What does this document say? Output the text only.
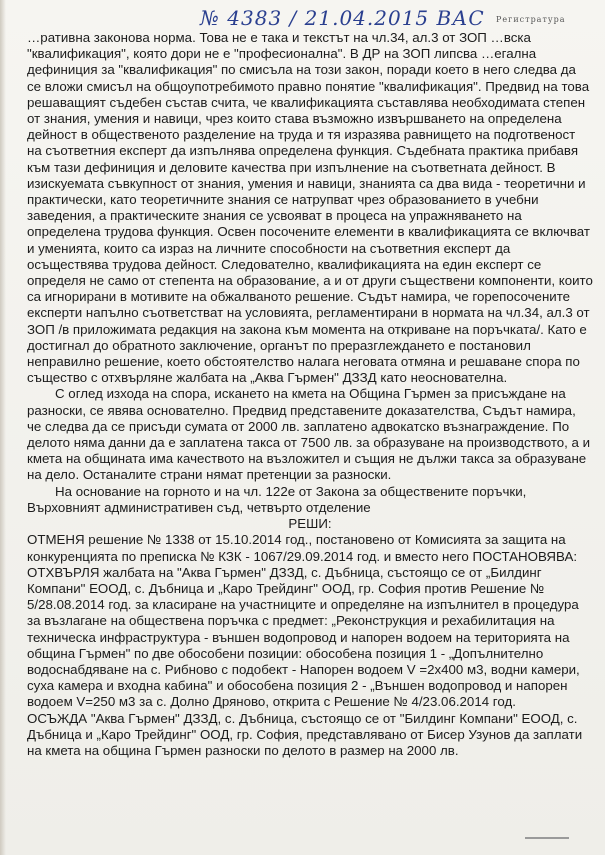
№ 4383 / 21.04.2015 ВАС Регистратура

…ративна законова норма. Това не е така и текстът на чл.34, ал.3 от ЗОП …вска "квалификация", която дори не е "професионална". В ДР на ЗОП липсва …егална дефиниция за "квалификация" по смисъла на този закон, поради което в него следва да се вложи смисъл на общоупотребимото правно понятие "квалификация". Предвид на това решаващият съдебен състав счита, че квалификацията съставлява необходимата степен от знания, умения и навици, чрез които става възможно извършването на определена дейност в общественото разделение на труда и тя изразява равнището на подготвеност на съответния експерт да изпълнява определена функция. Съдебната практика прибавя към тази дефиниция и деловите качества при изпълнение на съответната дейност. В изискуемата съвкупност от знания, умения и навици, знанията са два вида - теоретични и практически, като теоретичните знания се натрупват чрез образованието в учебни заведения, а практическите знания се усвояват в процеса на упражняването на определена трудова функция. Освен посочените елементи в квалификацията се включват и уменията, които са израз на личните способности на съответния експерт да осъществява трудова дейност. Следователно, квалификацията на един експерт се определя не само от степента на образование, а и от други съществени компоненти, които са игнорирани в мотивите на обжалваното решение. Съдът намира, че горепосочените експерти напълно съответстват на условията, регламентирани в нормата на чл.34, ал.3 от ЗОП /в приложимата редакция на закона към момента на откриване на поръчката/. Като е достигнал до обратното заключение, органът по преразглеждането е постановил неправилно решение, което обстоятелство налага неговата отмяна и решаване спора по същество с отхвърляне жалбата на „Аква Гърмен" ДЗЗД като неоснователна.

С оглед изхода на спора, искането на кмета на Община Гърмен за присъждане на разноски, се явява основателно. Предвид представените доказателства, Съдът намира, че следва да се присъди сумата от 2000 лв. заплатено адвокатско възнаграждение. По делото няма данни да е заплатена такса от 7500 лв. за образуване на производството, а и кмета на общината има качеството на възложител и същия не дължи такса за образуване на дело. Останалите страни нямат претенции за разноски.

На основание на горното и на чл. 122е от Закона за обществените поръчки, Върховният административен съд, четвърто отделение

РЕШИ:

ОТМЕНЯ решение № 1338 от 15.10.2014 год., постановено от Комисията за защита на конкуренцията по преписка № КЗК - 1067/29.09.2014 год. и вместо него ПОСТАНОВЯВА:

ОТХВЪРЛЯ жалбата на "Аква Гърмен" ДЗЗД, с. Дъбница, състоящо се от „Билдинг Компани" ЕООД, с. Дъбница и „Каро Трейдинг" ООД, гр. София против Решение № 5/28.08.2014 год. за класиране на участниците и определяне на изпълнител в процедура за възлагане на обществена поръчка с предмет: „Реконструкция и рехабилитация на техническа инфраструктура - външен водопровод и напорен водоем на територията на община Гърмен" по две обособени позиции: обособена позиция 1 - „Допълнително водоснабдяване на с. Рибново с подобект - Напорен водоем V =2х400 м3, водни камери, суха камера и входна кабина" и обособена позиция 2 - „Външен водопровод и напорен водоем V=250 м3 за с. Долно Дряново, открита с Решение № 4/23.06.2014 год.

ОСЪЖДА "Аква Гърмен" ДЗЗД, с. Дъбница, състоящо се от "Билдинг Компани" ЕООД, с. Дъбница и „Каро Трейдинг" ООД, гр. София, представлявано от Бисер Узунов да заплати на кмета на община Гърмен разноски по делото в размер на 2000 лв.
